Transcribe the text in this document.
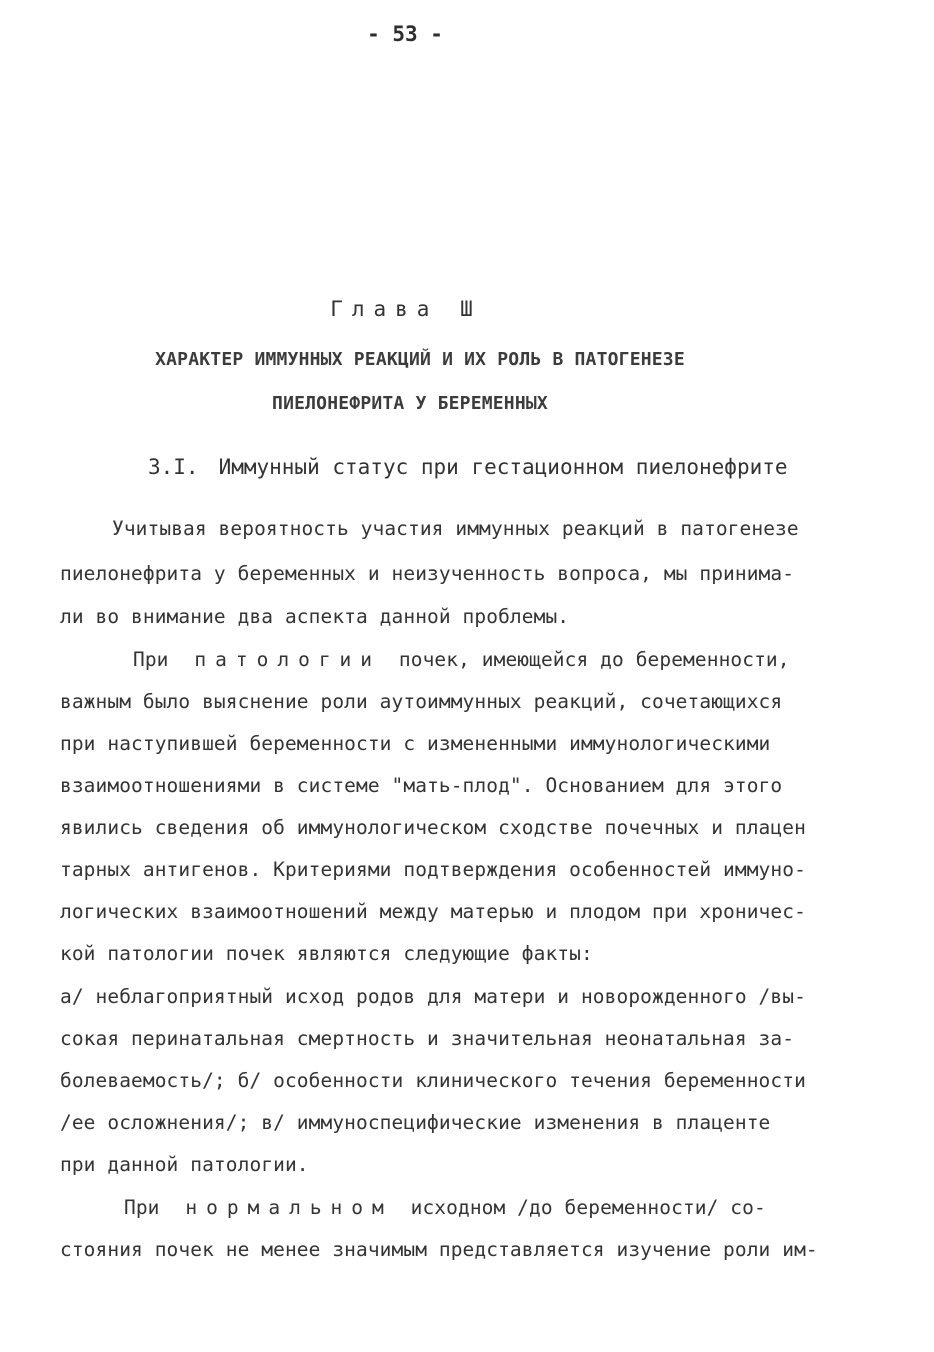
- 53 -
Глава Ш
ХАРАКТЕР ИММУННЫХ РЕАКЦИЙ И ИХ РОЛЬ В ПАТОГЕНЕЗЕ
ПИЕЛОНЕФРИТА У БЕРЕМЕННЫХ
3.I. Иммунный статус при гестационном пиелонефрите
Учитывая вероятность участия иммунных реакций в патогенезе
пиелонефрита у беременных и неизученность вопроса, мы принима-
ли во внимание два аспекта данной проблемы.
При патологии почек, имеющейся до беременности,
важным было выяснение роли аутоиммунных реакций, сочетающихся
при наступившей беременности с измененными иммунологическими
взаимоотношениями в системе "мать-плод". Основанием для этого
явились сведения об иммунологическом сходстве почечных и плацен
тарных антигенов. Критериями подтверждения особенностей иммуно-
логических взаимоотношений между матерью и плодом при хроничес-
кой патологии почек являются следующие факты:
а/ неблагоприятный исход родов для матери и новорожденного /вы-
сокая перинатальная смертность и значительная неонатальная за-
болеваемость/; б/ особенности клинического течения беременности
/ее осложнения/; в/ иммуноспецифические изменения в плаценте
при данной патологии.
При нормальном исходном /до беременности/ со-
стояния почек не менее значимым представляется изучение роли им-
